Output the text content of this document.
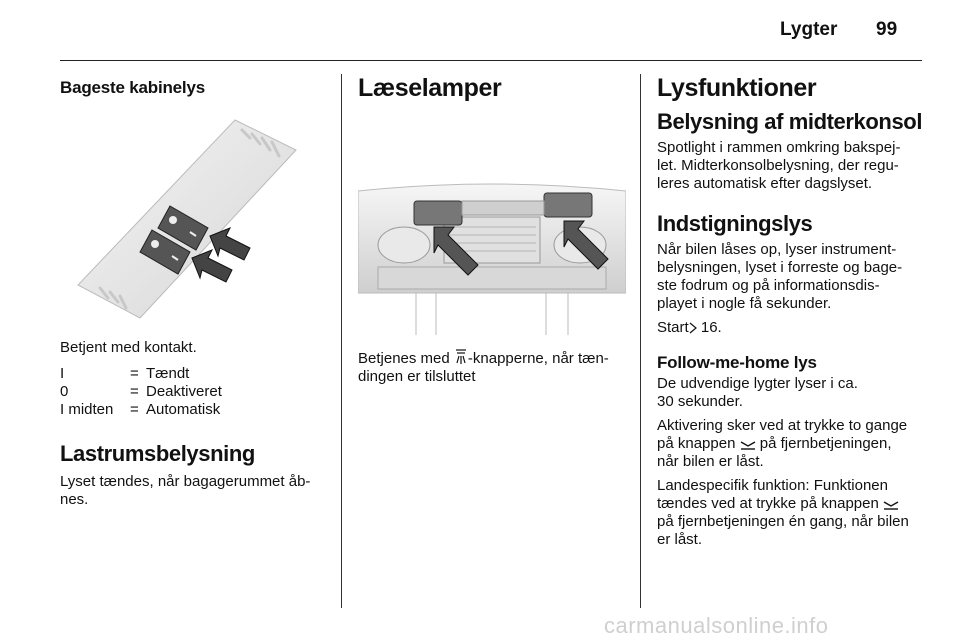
Lygter 99
Bageste kabinelys

Betjent med kontakt.

I	=	Tændt
0	=	Deaktiveret
I midten	=	Automatisk
Lastrumsbelysning

Lyset tændes, når bagagerummet åb-
nes.

Læselamper

Betjenes med -knapperne, når tæn-
dingen er tilsluttet

Lysfunktioner
Belysning af midterkonsol

Spotlight i rammen omkring bakspej-
let. Midterkonsolbelysning, der regu-
leres automatisk efter dagslyset.

Indstigningslys

Når bilen låses op, lyser instrument-
belysningen, lyset i forreste og bage-
ste fodrum og på informationsdis-
playet i nogle få sekunder.

Start 16.

Follow-me-home lys

De udvendige lygter lyser i ca.
30 sekunder.

Aktivering sker ved at trykke to gange
på knappen  på fjernbetjeningen,
når bilen er låst.

Landespecifik funktion: Funktionen
tændes ved at trykke på knappen
på fjernbetjeningen én gang, når bilen
er låst.

carmanualsonline.info
